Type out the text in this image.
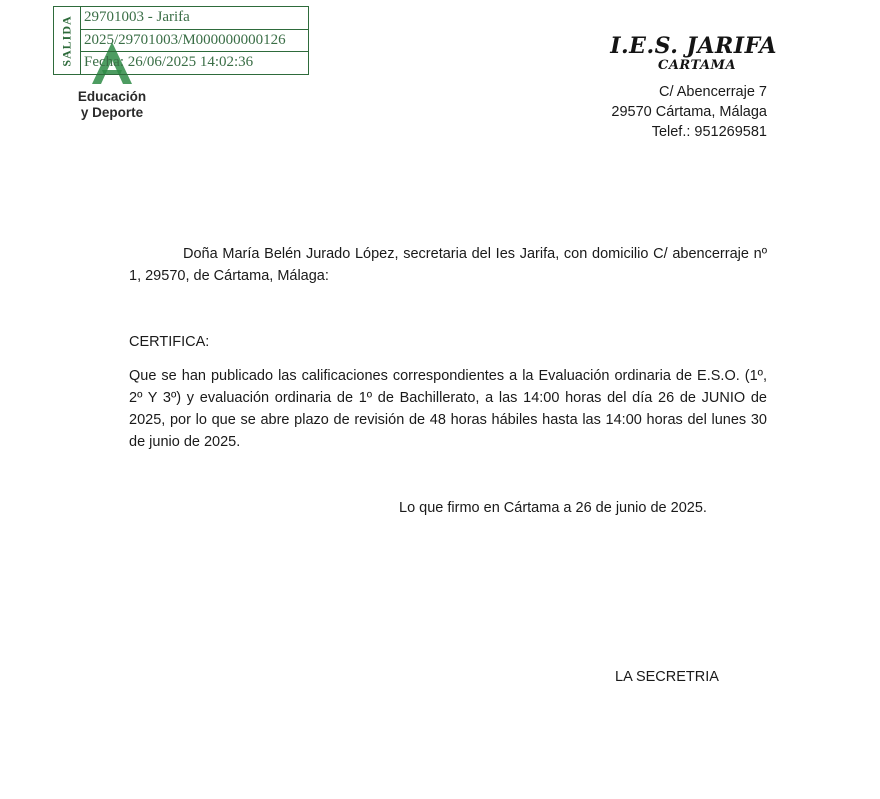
SALIDA 29701003 - Jarifa
2025/29701003/M000000000126
Fecha: 26/06/2025 14:02:36
Educación
y Deporte
I.E.S. JARIFA
CARTAMA
C/ Abencerraje 7
29570 Cártama, Málaga
Telef.: 951269581

Doña María Belén Jurado López, secretaria del Ies Jarifa, con domicilio C/ abencerraje nº 1, 29570, de Cártama, Málaga:

CERTIFICA:

Que se han publicado las calificaciones correspondientes a la Evaluación ordinaria de E.S.O. (1º, 2º Y 3º) y evaluación ordinaria de 1º de Bachillerato, a las 14:00 horas del día 26 de JUNIO de 2025, por lo que se abre plazo de revisión de 48 horas hábiles hasta las 14:00 horas del lunes 30 de junio de 2025.

Lo que firmo en Cártama a 26 de junio de 2025.
LA SECRETRIA
